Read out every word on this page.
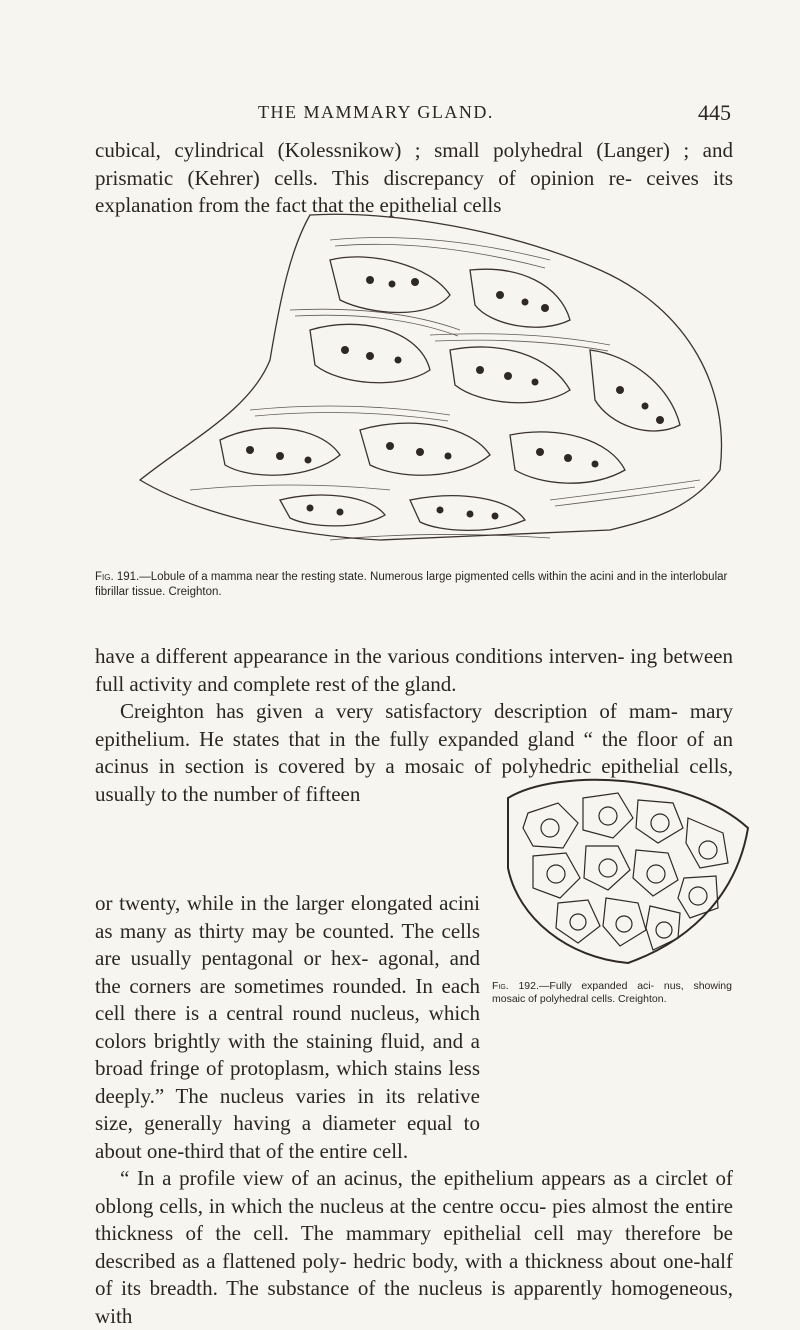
THE MAMMARY GLAND.	445

cubical, cylindrical (Kolessnikow) ; small polyhedral (Langer) ; and prismatic (Kehrer) cells. This discrepancy of opinion re- ceives its explanation from the fact that the epithelial cells

Fig. 191.—Lobule of a mamma near the resting state. Numerous large pigmented cells within the acini and in the interlobular fibrillar tissue. Creighton.

have a different appearance in the various conditions interven- ing between full activity and complete rest of the gland.

Creighton has given a very satisfactory description of mam- mary epithelium. He states that in the fully expanded gland “ the floor of an acinus in section is covered by a mosaic of polyhedric epithelial cells, usually to the number of fifteen

Fig. 192.—Fully expanded aci- nus, showing mosaic of polyhedral cells. Creighton.
or twenty, while in the larger elongated acini as many as thirty may be counted. The cells are usually pentagonal or hex- agonal, and the corners are sometimes rounded. In each cell there is a central round nucleus, which colors brightly with the staining fluid, and a broad fringe of protoplasm, which stains less deeply.” The nucleus varies in its relative size, generally having a diameter equal to about one-third that of the entire cell.

“ In a profile view of an acinus, the epithelium appears as a circlet of oblong cells, in which the nucleus at the centre occu- pies almost the entire thickness of the cell. The mammary epithelial cell may therefore be described as a flattened poly- hedric body, with a thickness about one-half of its breadth. The substance of the nucleus is apparently homogeneous, with
